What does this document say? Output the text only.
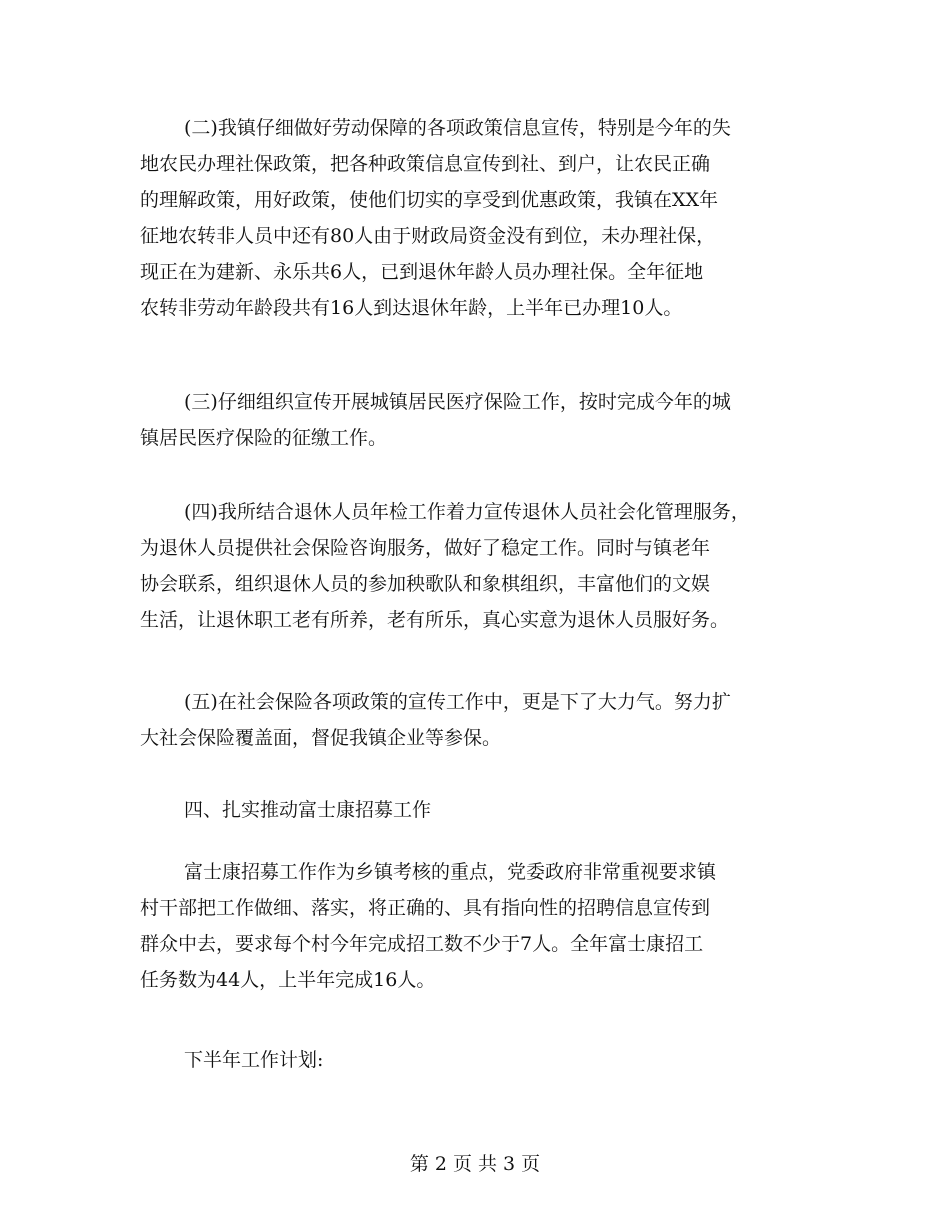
(二)我镇仔细做好劳动保障的各项政策信息宣传，特别是今年的失
地农民办理社保政策，把各种政策信息宣传到社、到户，让农民正确
的理解政策，用好政策，使他们切实的享受到优惠政策，我镇在XX年
征地农转非人员中还有80人由于财政局资金没有到位，未办理社保，
现正在为建新、永乐共6人，已到退休年龄人员办理社保。全年征地
农转非劳动年龄段共有16人到达退休年龄，上半年已办理10人。
(三)仔细组织宣传开展城镇居民医疗保险工作，按时完成今年的城
镇居民医疗保险的征缴工作。
(四)我所结合退休人员年检工作着力宣传退休人员社会化管理服务，
为退休人员提供社会保险咨询服务，做好了稳定工作。同时与镇老年
协会联系，组织退休人员的参加秧歌队和象棋组织，丰富他们的文娱
生活，让退休职工老有所养，老有所乐，真心实意为退休人员服好务。
(五)在社会保险各项政策的宣传工作中，更是下了大力气。努力扩
大社会保险覆盖面，督促我镇企业等参保。
四、扎实推动富士康招募工作
富士康招募工作作为乡镇考核的重点，党委政府非常重视要求镇
村干部把工作做细、落实，将正确的、具有指向性的招聘信息宣传到
群众中去，要求每个村今年完成招工数不少于7人。全年富士康招工
任务数为44人，上半年完成16人。
下半年工作计划:
第 2 页 共 3 页
